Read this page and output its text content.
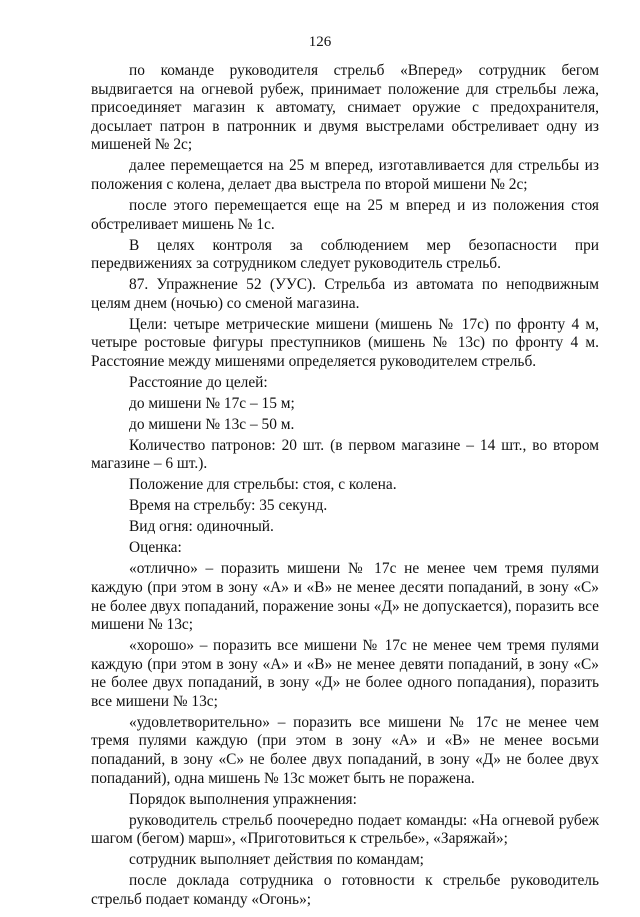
126

по команде руководителя стрельб «Вперед» сотрудник бегом выдвигается на огневой рубеж, принимает положение для стрельбы лежа, присоединяет магазин к автомату, снимает оружие с предохранителя, досылает патрон в патронник и двумя выстрелами обстреливает одну из мишеней № 2с;

далее перемещается на 25 м вперед, изготавливается для стрельбы из положения с колена, делает два выстрела по второй мишени № 2с;

после этого перемещается еще на 25 м вперед и из положения стоя обстреливает мишень № 1с.

В целях контроля за соблюдением мер безопасности при передвижениях за сотрудником следует руководитель стрельб.

87. Упражнение 52 (УУС). Стрельба из автомата по неподвижным целям днем (ночью) со сменой магазина.

Цели: четыре метрические мишени (мишень № 17с) по фронту 4 м, четыре ростовые фигуры преступников (мишень № 13с) по фронту 4 м. Расстояние между мишенями определяется руководителем стрельб.

Расстояние до целей:

до мишени № 17с – 15 м;

до мишени № 13с – 50 м.

Количество патронов: 20 шт. (в первом магазине – 14 шт., во втором магазине – 6 шт.).

Положение для стрельбы: стоя, с колена.

Время на стрельбу: 35 секунд.

Вид огня: одиночный.

Оценка:

«отлично» – поразить мишени № 17с не менее чем тремя пулями каждую (при этом в зону «А» и «В» не менее десяти попаданий, в зону «С» не более двух попаданий, поражение зоны «Д» не допускается), поразить все мишени № 13с;

«хорошо» – поразить все мишени № 17с не менее чем тремя пулями каждую (при этом в зону «А» и «В» не менее девяти попаданий, в зону «С» не более двух попаданий, в зону «Д» не более одного попадания), поразить все мишени № 13с;

«удовлетворительно» – поразить все мишени № 17с не менее чем тремя пулями каждую (при этом в зону «А» и «В» не менее восьми попаданий, в зону «С» не более двух попаданий, в зону «Д» не более двух попаданий), одна мишень № 13с может быть не поражена.

Порядок выполнения упражнения:

руководитель стрельб поочередно подает команды: «На огневой рубеж шагом (бегом) марш», «Приготовиться к стрельбе», «Заряжай»;

сотрудник выполняет действия по командам;

после доклада сотрудника о готовности к стрельбе руководитель стрельб подает команду «Огонь»;
